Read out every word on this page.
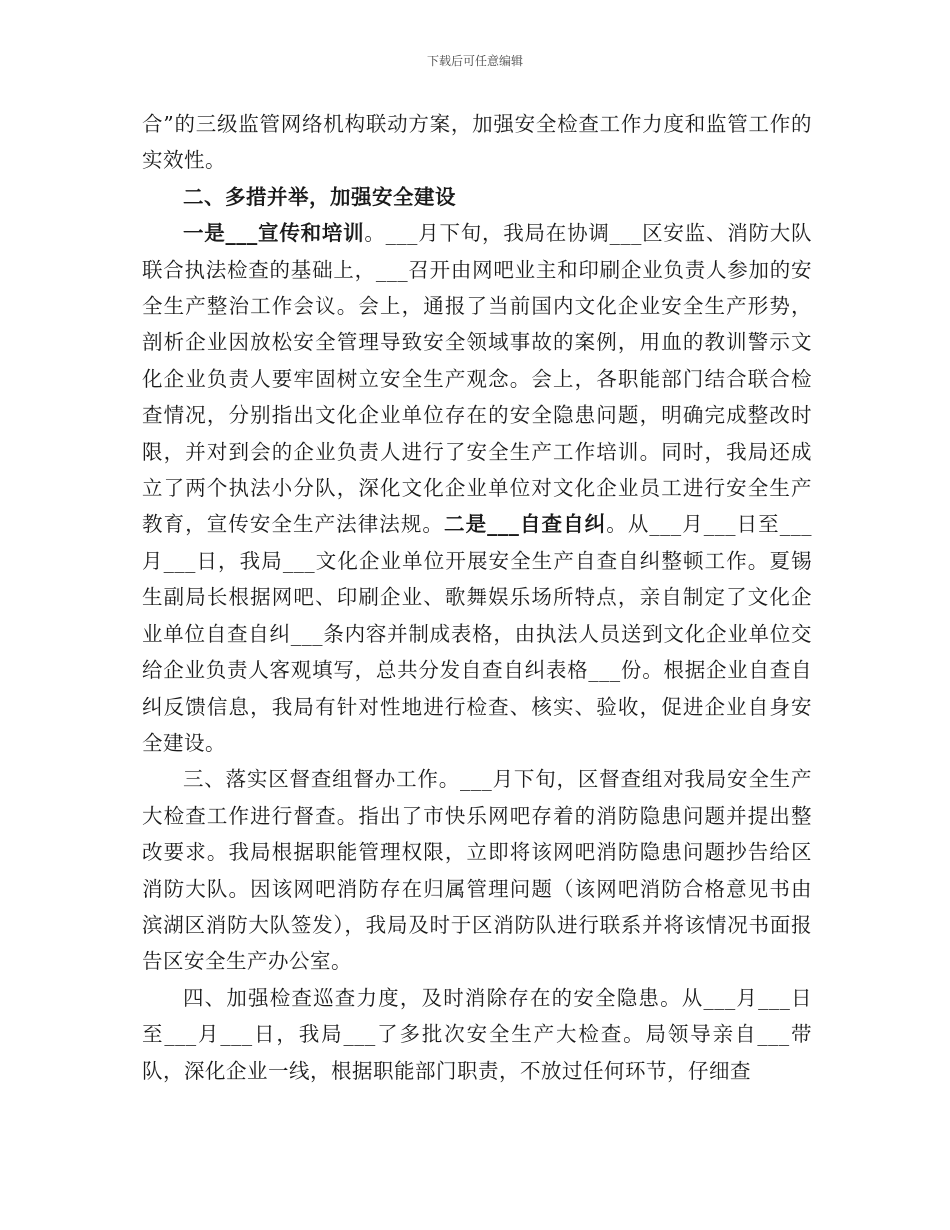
下载后可任意编辑

合”的三级监管网络机构联动方案，加强安全检查工作力度和监管工作的实效性。

二、多措并举，加强安全建设

一是___宣传和培训。___月下旬，我局在协调___区安监、消防大队联合执法检查的基础上，___召开由网吧业主和印刷企业负责人参加的安全生产整治工作会议。会上，通报了当前国内文化企业安全生产形势，剖析企业因放松安全管理导致安全领域事故的案例，用血的教训警示文化企业负责人要牢固树立安全生产观念。会上，各职能部门结合联合检查情况，分别指出文化企业单位存在的安全隐患问题，明确完成整改时限，并对到会的企业负责人进行了安全生产工作培训。同时，我局还成立了两个执法小分队，深化文化企业单位对文化企业员工进行安全生产教育，宣传安全生产法律法规。二是___自查自纠。从___月___日至___月___日，我局___文化企业单位开展安全生产自查自纠整顿工作。夏锡生副局长根据网吧、印刷企业、歌舞娱乐场所特点，亲自制定了文化企业单位自查自纠___条内容并制成表格，由执法人员送到文化企业单位交给企业负责人客观填写，总共分发自查自纠表格___份。根据企业自查自纠反馈信息，我局有针对性地进行检查、核实、验收，促进企业自身安全建设。

三、落实区督查组督办工作。___月下旬，区督查组对我局安全生产大检查工作进行督查。指出了市快乐网吧存着的消防隐患问题并提出整改要求。我局根据职能管理权限，立即将该网吧消防隐患问题抄告给区消防大队。因该网吧消防存在归属管理问题（该网吧消防合格意见书由滨湖区消防大队签发），我局及时于区消防队进行联系并将该情况书面报告区安全生产办公室。

四、加强检查巡查力度，及时消除存在的安全隐患。从___月___日至___月___日，我局___了多批次安全生产大检查。局领导亲自___带队，深化企业一线，根据职能部门职责，不放过任何环节，仔细查
